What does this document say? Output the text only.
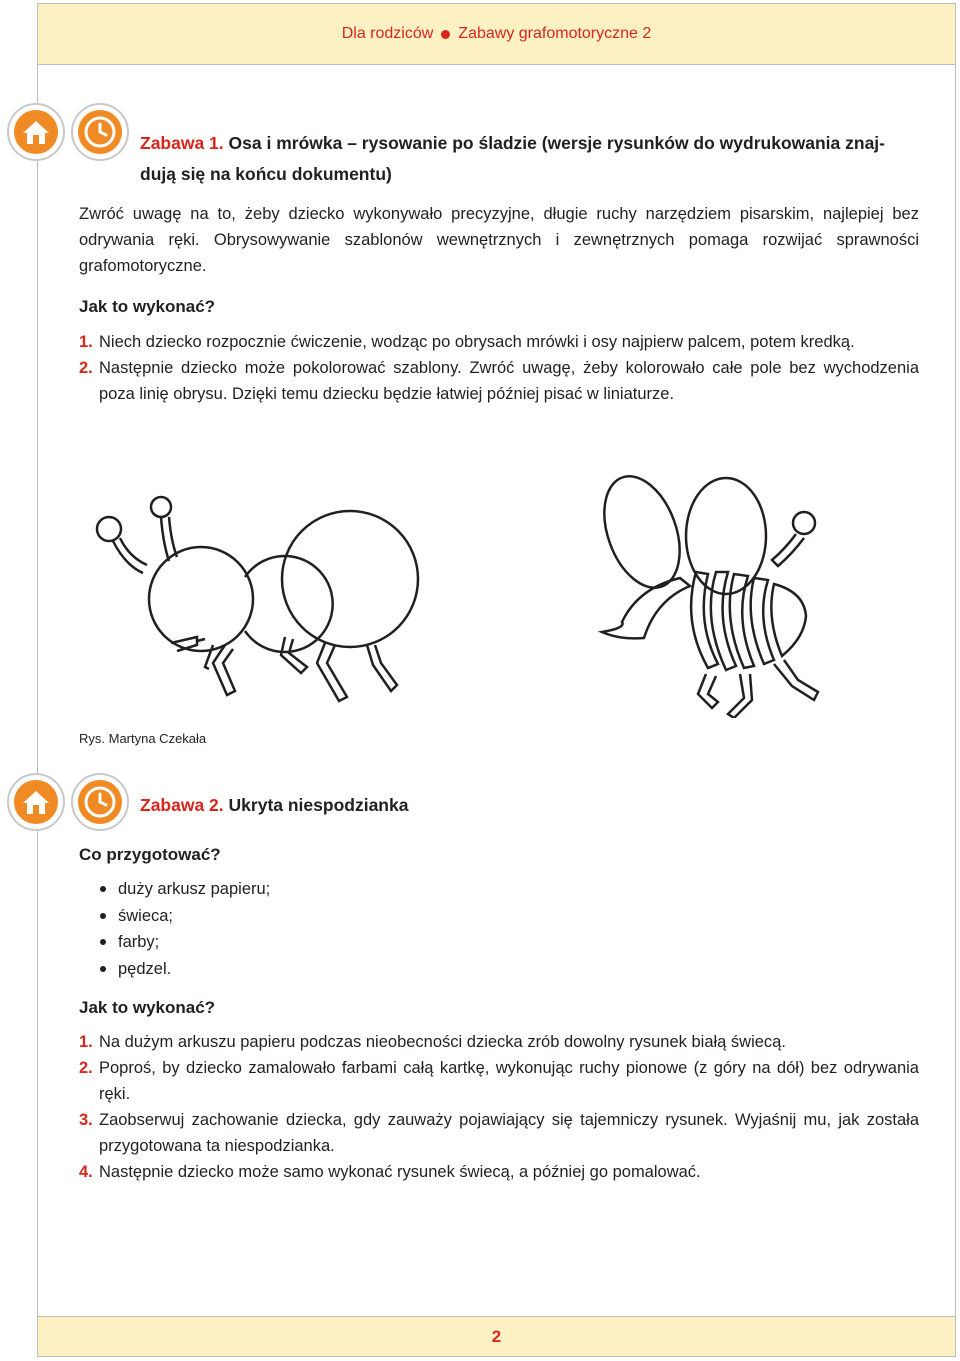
Dla rodziców Zabawy grafomotoryczne 2
Zabawa 1. Osa i mrówka – rysowanie po śladzie (wersje rysunków do wydrukowania znaj-
dują się na końcu dokumentu)
Zwróć uwagę na to, żeby dziecko wykonywało precyzyjne, długie ruchy narzędziem pisarskim, najlepiej bez odrywania ręki. Obrysowywanie szablonów wewnętrznych i zewnętrznych pomaga rozwijać sprawności grafomotoryczne.
Jak to wykonać?
1. Niech dziecko rozpocznie ćwiczenie, wodząc po obrysach mrówki i osy najpierw palcem, potem kredką.
2. Następnie dziecko może pokolorować szablony. Zwróć uwagę, żeby kolorowało całe pole bez wychodzenia poza linię obrysu. Dzięki temu dziecku będzie łatwiej później pisać w liniaturze.
Rys. Martyna Czekała
Zabawa 2. Ukryta niespodzianka
Co przygotować?
duży arkusz papieru;
świeca;
farby;
pędzel.
Jak to wykonać?
1. Na dużym arkuszu papieru podczas nieobecności dziecka zrób dowolny rysunek białą świecą.
2. Poproś, by dziecko zamalowało farbami całą kartkę, wykonując ruchy pionowe (z góry na dół) bez odrywania ręki.
3. Zaobserwuj zachowanie dziecka, gdy zauważy pojawiający się tajemniczy rysunek. Wyjaśnij mu, jak została przygotowana ta niespodzianka.
4. Następnie dziecko może samo wykonać rysunek świecą, a później go pomalować.
2
